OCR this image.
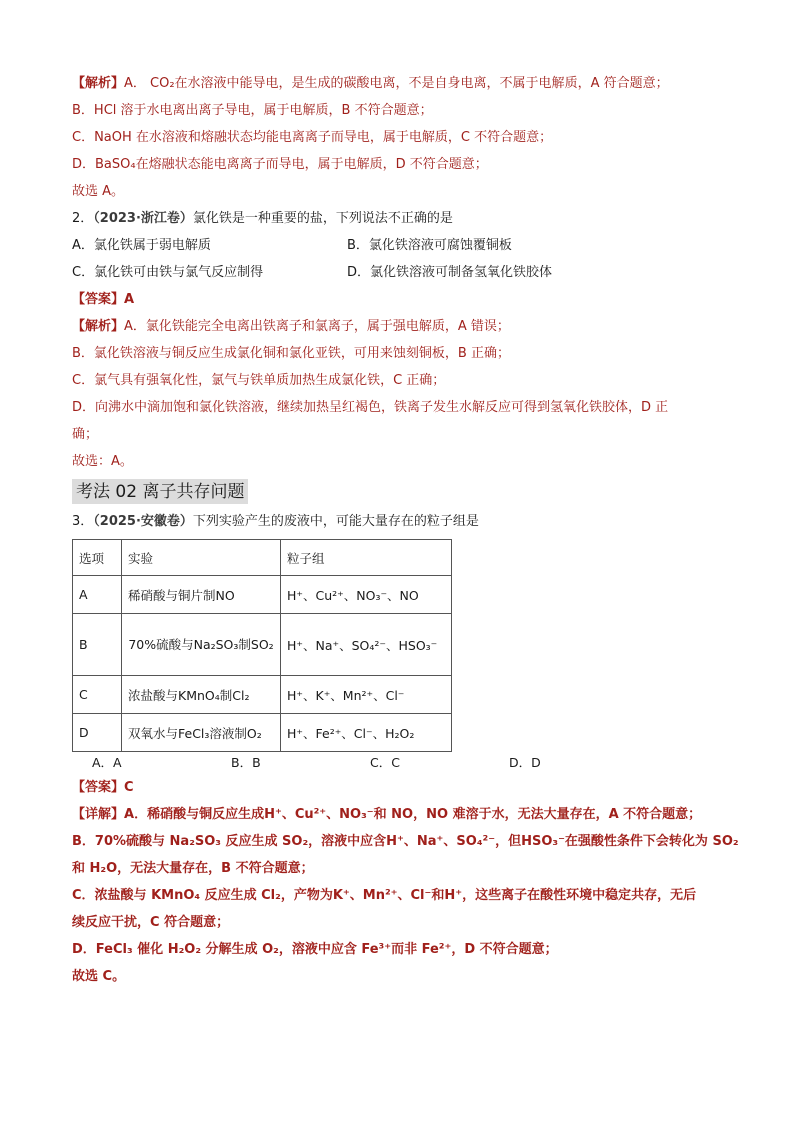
【解析】A． CO₂在水溶液中能导电，是生成的碳酸电离，不是自身电离，不属于电解质，A 符合题意；
B．HCl 溶于水电离出离子导电，属于电解质，B 不符合题意；
C．NaOH 在水溶液和熔融状态均能电离离子而导电，属于电解质，C 不符合题意；
D．BaSO₄在熔融状态能电离离子而导电，属于电解质，D 不符合题意；
故选 A。
2．（2023·浙江卷）氯化铁是一种重要的盐，下列说法不正确的是
A．氯化铁属于弱电解质	B．氯化铁溶液可腐蚀覆铜板
C．氯化铁可由铁与氯气反应制得	D．氯化铁溶液可制备氢氧化铁胶体
【答案】A
【解析】A．氯化铁能完全电离出铁离子和氯离子，属于强电解质，A 错误；
B．氯化铁溶液与铜反应生成氯化铜和氯化亚铁，可用来蚀刻铜板，B 正确；
C．氯气具有强氧化性，氯气与铁单质加热生成氯化铁，C 正确；
D．向沸水中滴加饱和氯化铁溶液，继续加热呈红褐色，铁离子发生水解反应可得到氢氧化铁胶体，D 正
确；
故选：A。
考法 02 离子共存问题
3．（2025·安徽卷）下列实验产生的废液中，可能大量存在的粒子组是
选项	实验	粒子组
A	稀硝酸与铜片制NO	H⁺、Cu²⁺、NO₃⁻、NO
B	70%硫酸与Na₂SO₃制SO₂	H⁺、Na⁺、SO₄²⁻、HSO₃⁻
C	浓盐酸与KMnO₄制Cl₂	H⁺、K⁺、Mn²⁺、Cl⁻
D	双氧水与FeCl₃溶液制O₂	H⁺、Fe²⁺、Cl⁻、H₂O₂
A．A	B．B	C．C	D．D
【答案】C
【详解】A．稀硝酸与铜反应生成H⁺、Cu²⁺、NO₃⁻和 NO，NO 难溶于水，无法大量存在，A 不符合题意；
B．70%硫酸与 Na₂SO₃ 反应生成 SO₂，溶液中应含H⁺、Na⁺、SO₄²⁻，但HSO₃⁻在强酸性条件下会转化为 SO₂
和 H₂O，无法大量存在，B 不符合题意；
C．浓盐酸与 KMnO₄ 反应生成 Cl₂，产物为K⁺、Mn²⁺、Cl⁻和H⁺，这些离子在酸性环境中稳定共存，无后
续反应干扰，C 符合题意；
D．FeCl₃ 催化 H₂O₂ 分解生成 O₂，溶液中应含 Fe³⁺而非 Fe²⁺，D 不符合题意；
故选 C。
